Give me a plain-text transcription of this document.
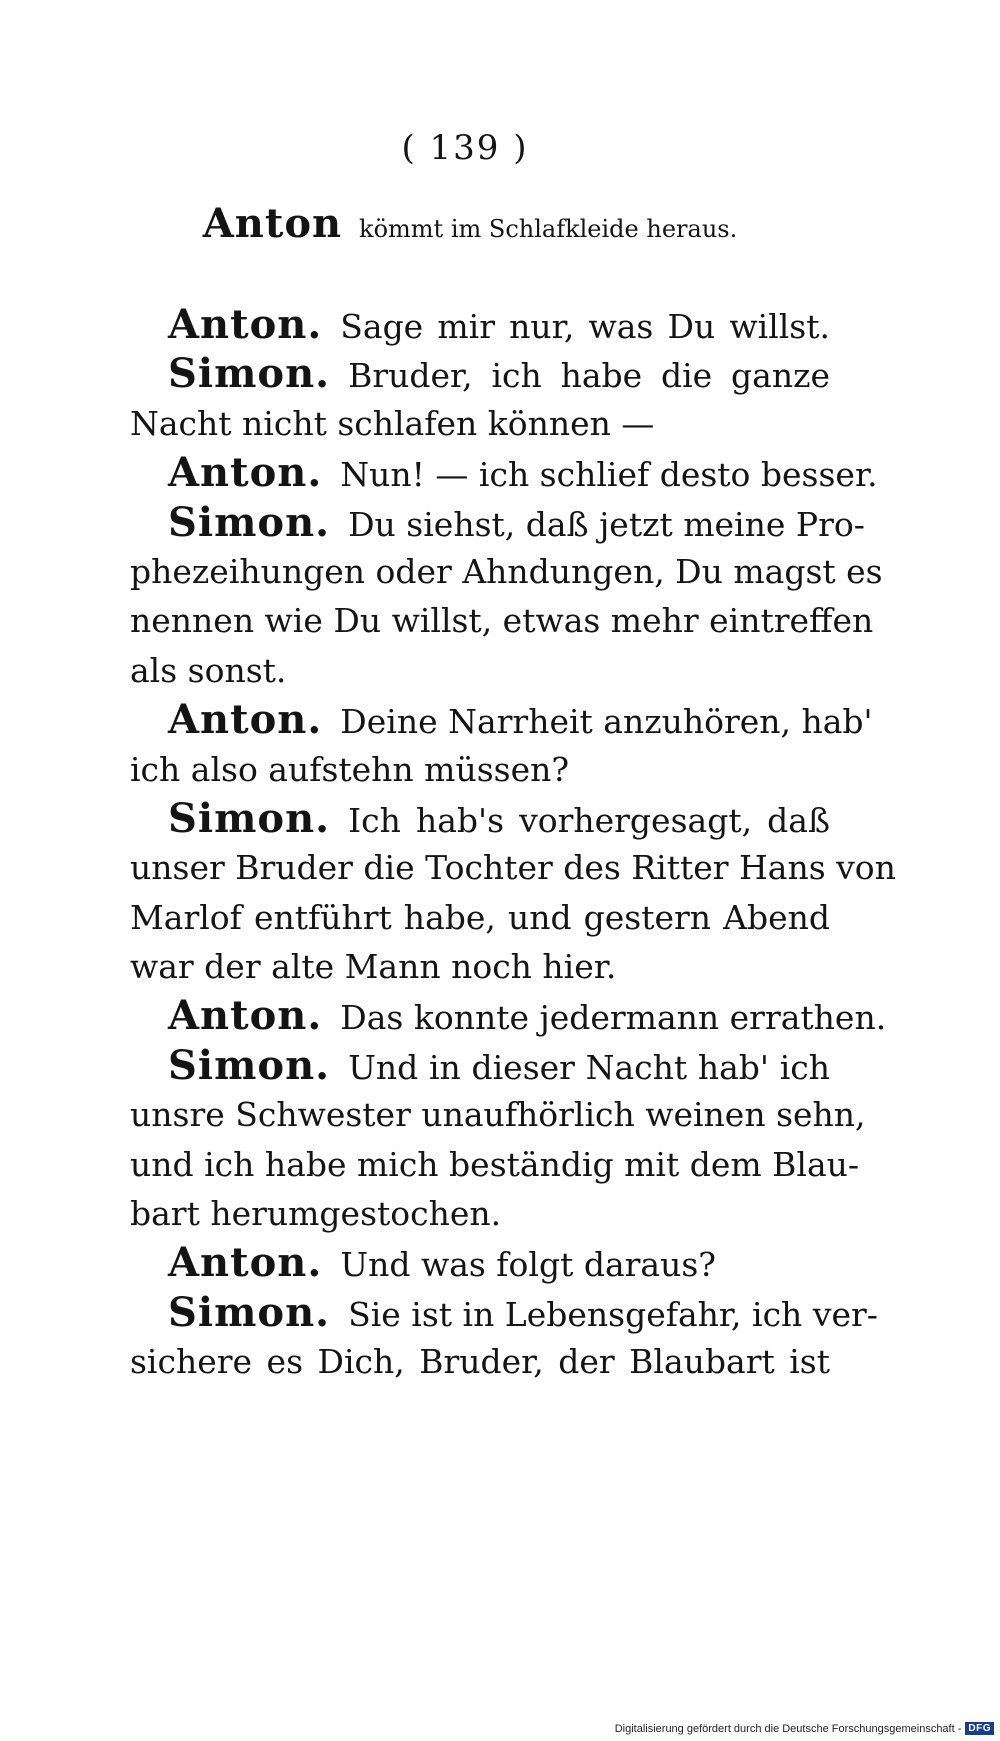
( 139 )
Anton kömmt im Schlafkleide heraus.
Anton. Sage mir nur, was Du willst.
Simon. Bruder, ich habe die ganze
Nacht nicht schlafen können —
Anton. Nun! — ich schlief desto besser.
Simon. Du siehst, daß jetzt meine Pro-
phezeihungen oder Ahndungen, Du magst es
nennen wie Du willst, etwas mehr eintreffen
als sonst.
Anton. Deine Narrheit anzuhören, hab'
ich also aufstehn müssen?
Simon. Ich hab's vorhergesagt, daß
unser Bruder die Tochter des Ritter Hans von
Marlof entführt habe, und gestern Abend
war der alte Mann noch hier.
Anton. Das konnte jedermann errathen.
Simon. Und in dieser Nacht hab' ich
unsre Schwester unaufhörlich weinen sehn,
und ich habe mich beständig mit dem Blau-
bart herumgestochen.
Anton. Und was folgt daraus?
Simon. Sie ist in Lebensgefahr, ich ver-
sichere es Dich, Bruder, der Blaubart ist
Digitalisierung gefördert durch die Deutsche Forschungsgemeinschaft - DFG
